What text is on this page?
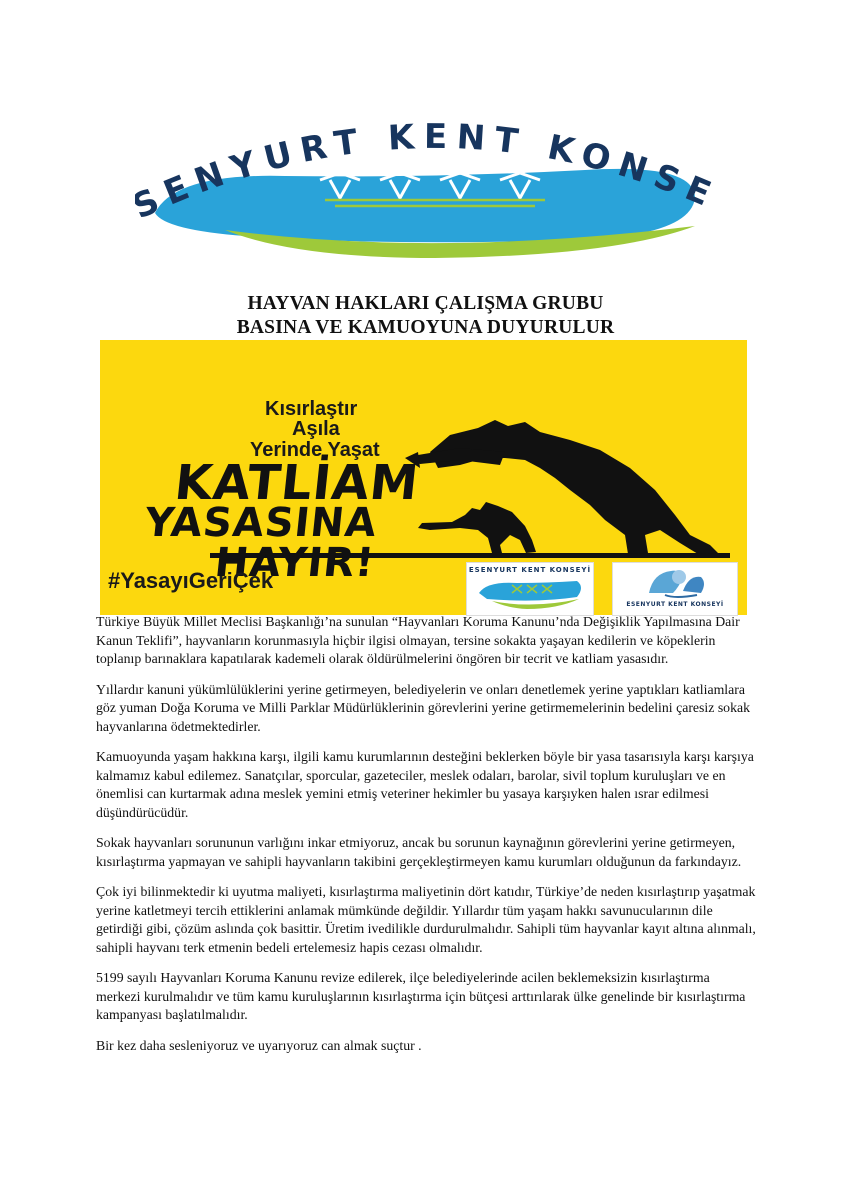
ENYURT KENT KONSE
HAYVAN HAKLARI ÇALIŞMA GRUBU
BASINA VE KAMUOYUNA DUYURULUR
Kısırlaştır
Aşıla
Yerinde Yaşat
KATLİAM
YASASINA
HAYIR!
#YasayıGeriÇek	ESENYURT KENT KONSEYİ
ESENYURT KENT KONSEYİ

Türkiye Büyük Millet Meclisi Başkanlığı’na sunulan “Hayvanları Koruma Kanunu’nda Değişiklik Yapılmasına Dair Kanun Teklifi”, hayvanların korunmasıyla hiçbir ilgisi olmayan, tersine sokakta yaşayan kedilerin ve köpeklerin toplanıp barınaklara kapatılarak kademeli olarak öldürülmelerini öngören bir tecrit ve katliam yasasıdır.

Yıllardır kanuni yükümlülüklerini yerine getirmeyen, belediyelerin ve onları denetlemek yerine yaptıkları katliamlara göz yuman Doğa Koruma ve Milli Parklar Müdürlüklerinin görevlerini yerine getirmemelerinin bedelini çaresiz sokak hayvanlarına ödetmektedirler.

Kamuoyunda yaşam hakkına karşı, ilgili kamu kurumlarının desteğini beklerken böyle bir yasa tasarısıyla karşı karşıya kalmamız kabul edilemez. Sanatçılar, sporcular, gazeteciler, meslek odaları, barolar, sivil toplum kuruluşları ve en önemlisi can kurtarmak adına meslek yemini etmiş veteriner hekimler bu yasaya karşıyken halen ısrar edilmesi düşündürücüdür.

Sokak hayvanları sorununun varlığını inkar etmiyoruz, ancak bu sorunun kaynağının görevlerini yerine getirmeyen, kısırlaştırma yapmayan ve sahipli hayvanların takibini gerçekleştirmeyen kamu kurumları olduğunun da farkındayız.

Çok iyi bilinmektedir ki uyutma maliyeti, kısırlaştırma maliyetinin dört katıdır, Türkiye’de neden kısırlaştırıp yaşatmak yerine katletmeyi tercih ettiklerini anlamak mümkünde değildir. Yıllardır tüm yaşam hakkı savunucularının dile getirdiği gibi, çözüm aslında çok basittir. Üretim ivedilikle durdurulmalıdır. Sahipli tüm hayvanlar kayıt altına alınmalı, sahipli hayvanı terk etmenin bedeli ertelemesiz hapis cezası olmalıdır.

5199 sayılı Hayvanları Koruma Kanunu revize edilerek, ilçe belediyelerinde acilen beklemeksizin kısırlaştırma merkezi kurulmalıdır ve tüm kamu kuruluşlarının kısırlaştırma için bütçesi arttırılarak ülke genelinde bir kısırlaştırma kampanyası başlatılmalıdır.

Bir kez daha sesleniyoruz ve uyarıyoruz can almak suçtur .
